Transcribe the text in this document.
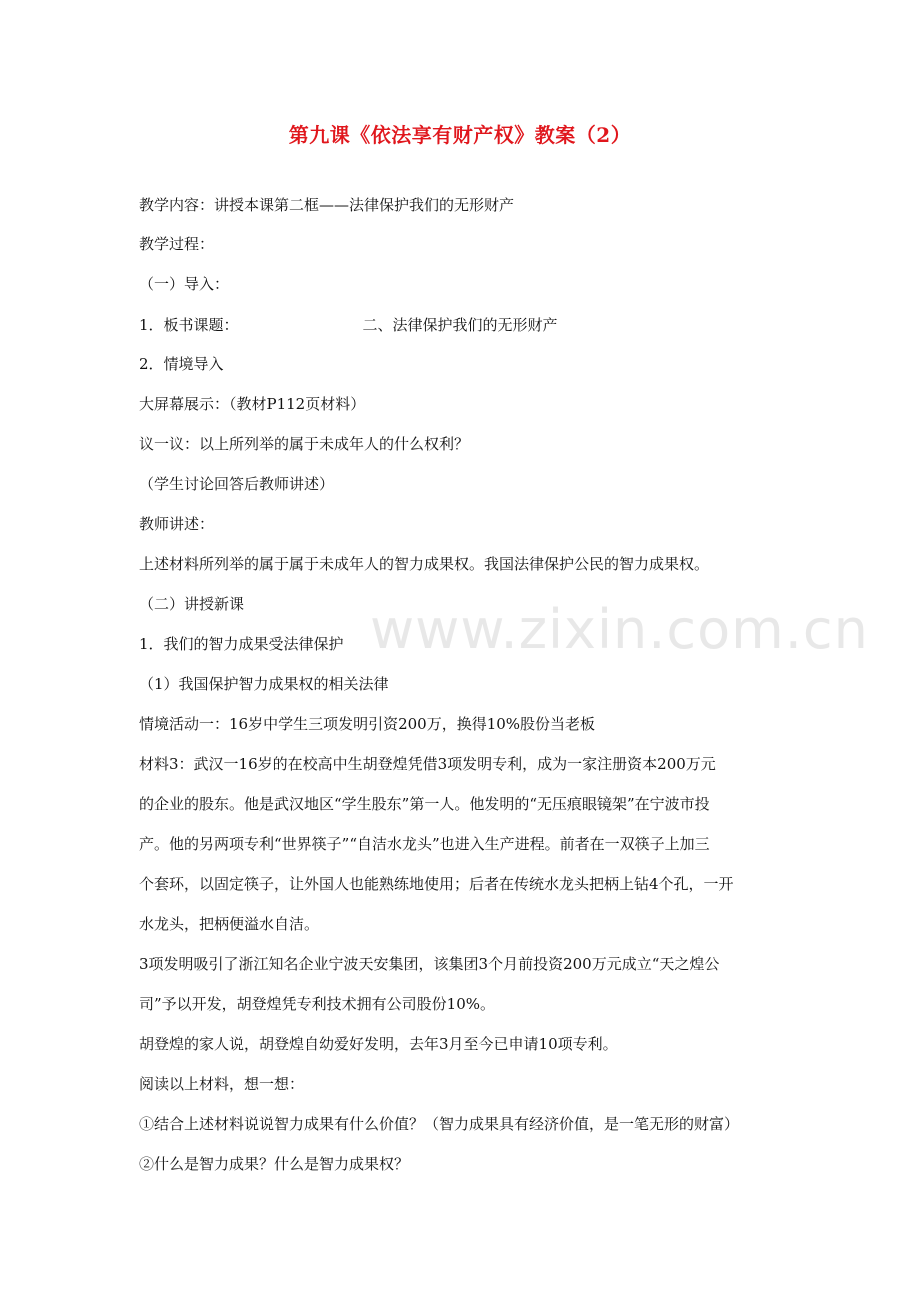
www.zixin.com.cn
第九课《依法享有财产权》教案（2）

教学内容：讲授本课第二框——法律保护我们的无形财产

教学过程：

（一）导入：

1．板书课题：	二、法律保护我们的无形财产

2．情境导入

大屏幕展示：（教材P112页材料）

议一议：以上所列举的属于未成年人的什么权利？

（学生讨论回答后教师讲述）

教师讲述：

上述材料所列举的属于属于未成年人的智力成果权。我国法律保护公民的智力成果权。

（二）讲授新课

1．我们的智力成果受法律保护

（1）我国保护智力成果权的相关法律

情境活动一：16岁中学生三项发明引资200万，换得10%股份当老板

材料3：武汉一16岁的在校高中生胡登煌凭借3项发明专利，成为一家注册资本200万元

的企业的股东。他是武汉地区“学生股东”第一人。他发明的“无压痕眼镜架”在宁波市投

产。他的另两项专利“世界筷子”“自洁水龙头”也进入生产进程。前者在一双筷子上加三

个套环，以固定筷子，让外国人也能熟练地使用；后者在传统水龙头把柄上钻4个孔，一开

水龙头，把柄便溢水自洁。

3项发明吸引了浙江知名企业宁波天安集团，该集团3个月前投资200万元成立“天之煌公

司”予以开发，胡登煌凭专利技术拥有公司股份10%。

胡登煌的家人说，胡登煌自幼爱好发明，去年3月至今已申请10项专利。

阅读以上材料，想一想：

①结合上述材料说说智力成果有什么价值？（智力成果具有经济价值，是一笔无形的财富）

②什么是智力成果？什么是智力成果权？
